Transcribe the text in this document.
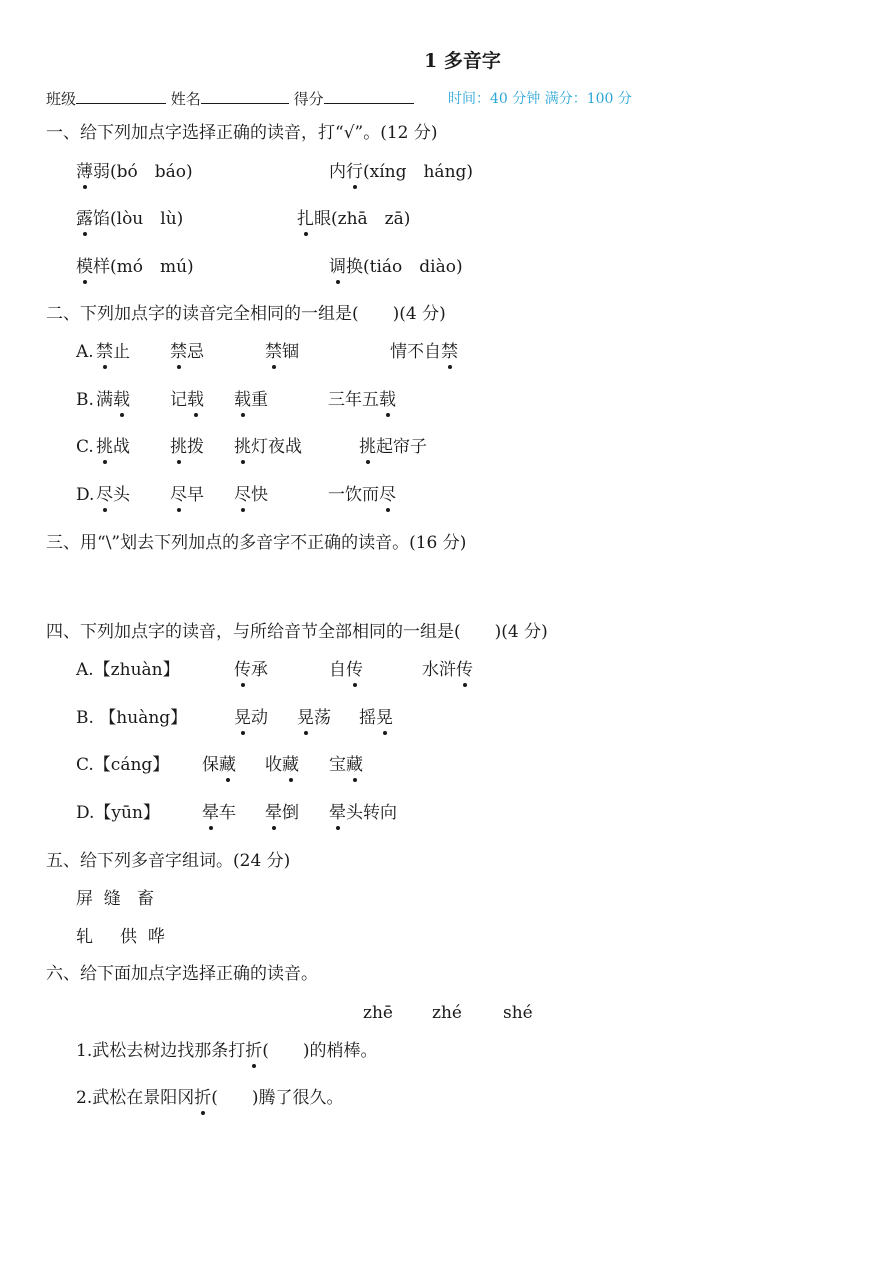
1 多音字
班级	姓名	得分	时间：40 分钟 满分：100 分
一、给下列加点字选择正确的读音，打“√”。(12 分)
薄弱(bó　báo)	内行(xíng　háng)
露馅(lòu　lù)	扎眼(zhā　zā)
模样(mó　mú)	调换(tiáo　diào)
二、下列加点字的读音完全相同的一组是(　　)(4 分)
A. 禁止 禁忌	禁锢	情不自禁
B. 满载 记载 载重	三年五载
C. 挑战 挑拨 挑灯夜战	挑起帘子
D. 尽头 尽早 尽快	一饮而尽
三、用“\”划去下列加点的多音字不正确的读音。(16 分)
四、下列加点字的读音，与所给音节全部相同的一组是(　　)(4 分)
A.【zhuàn】	传承	自传	水浒传
B. 【huàng】	晃动 晃荡 摇晃
C.【cáng】 保藏 收藏 宝藏
D.【yūn】 晕车 晕倒 晕头转向
五、给下列多音字组词。(24 分)
屏  缝   畜
轧     供  哗
六、给下面加点字选择正确的读音。
zhē zhé shé
1.武松去树边找那条打折(　　)的梢棒。
2.武松在景阳冈折(　　)腾了很久。
